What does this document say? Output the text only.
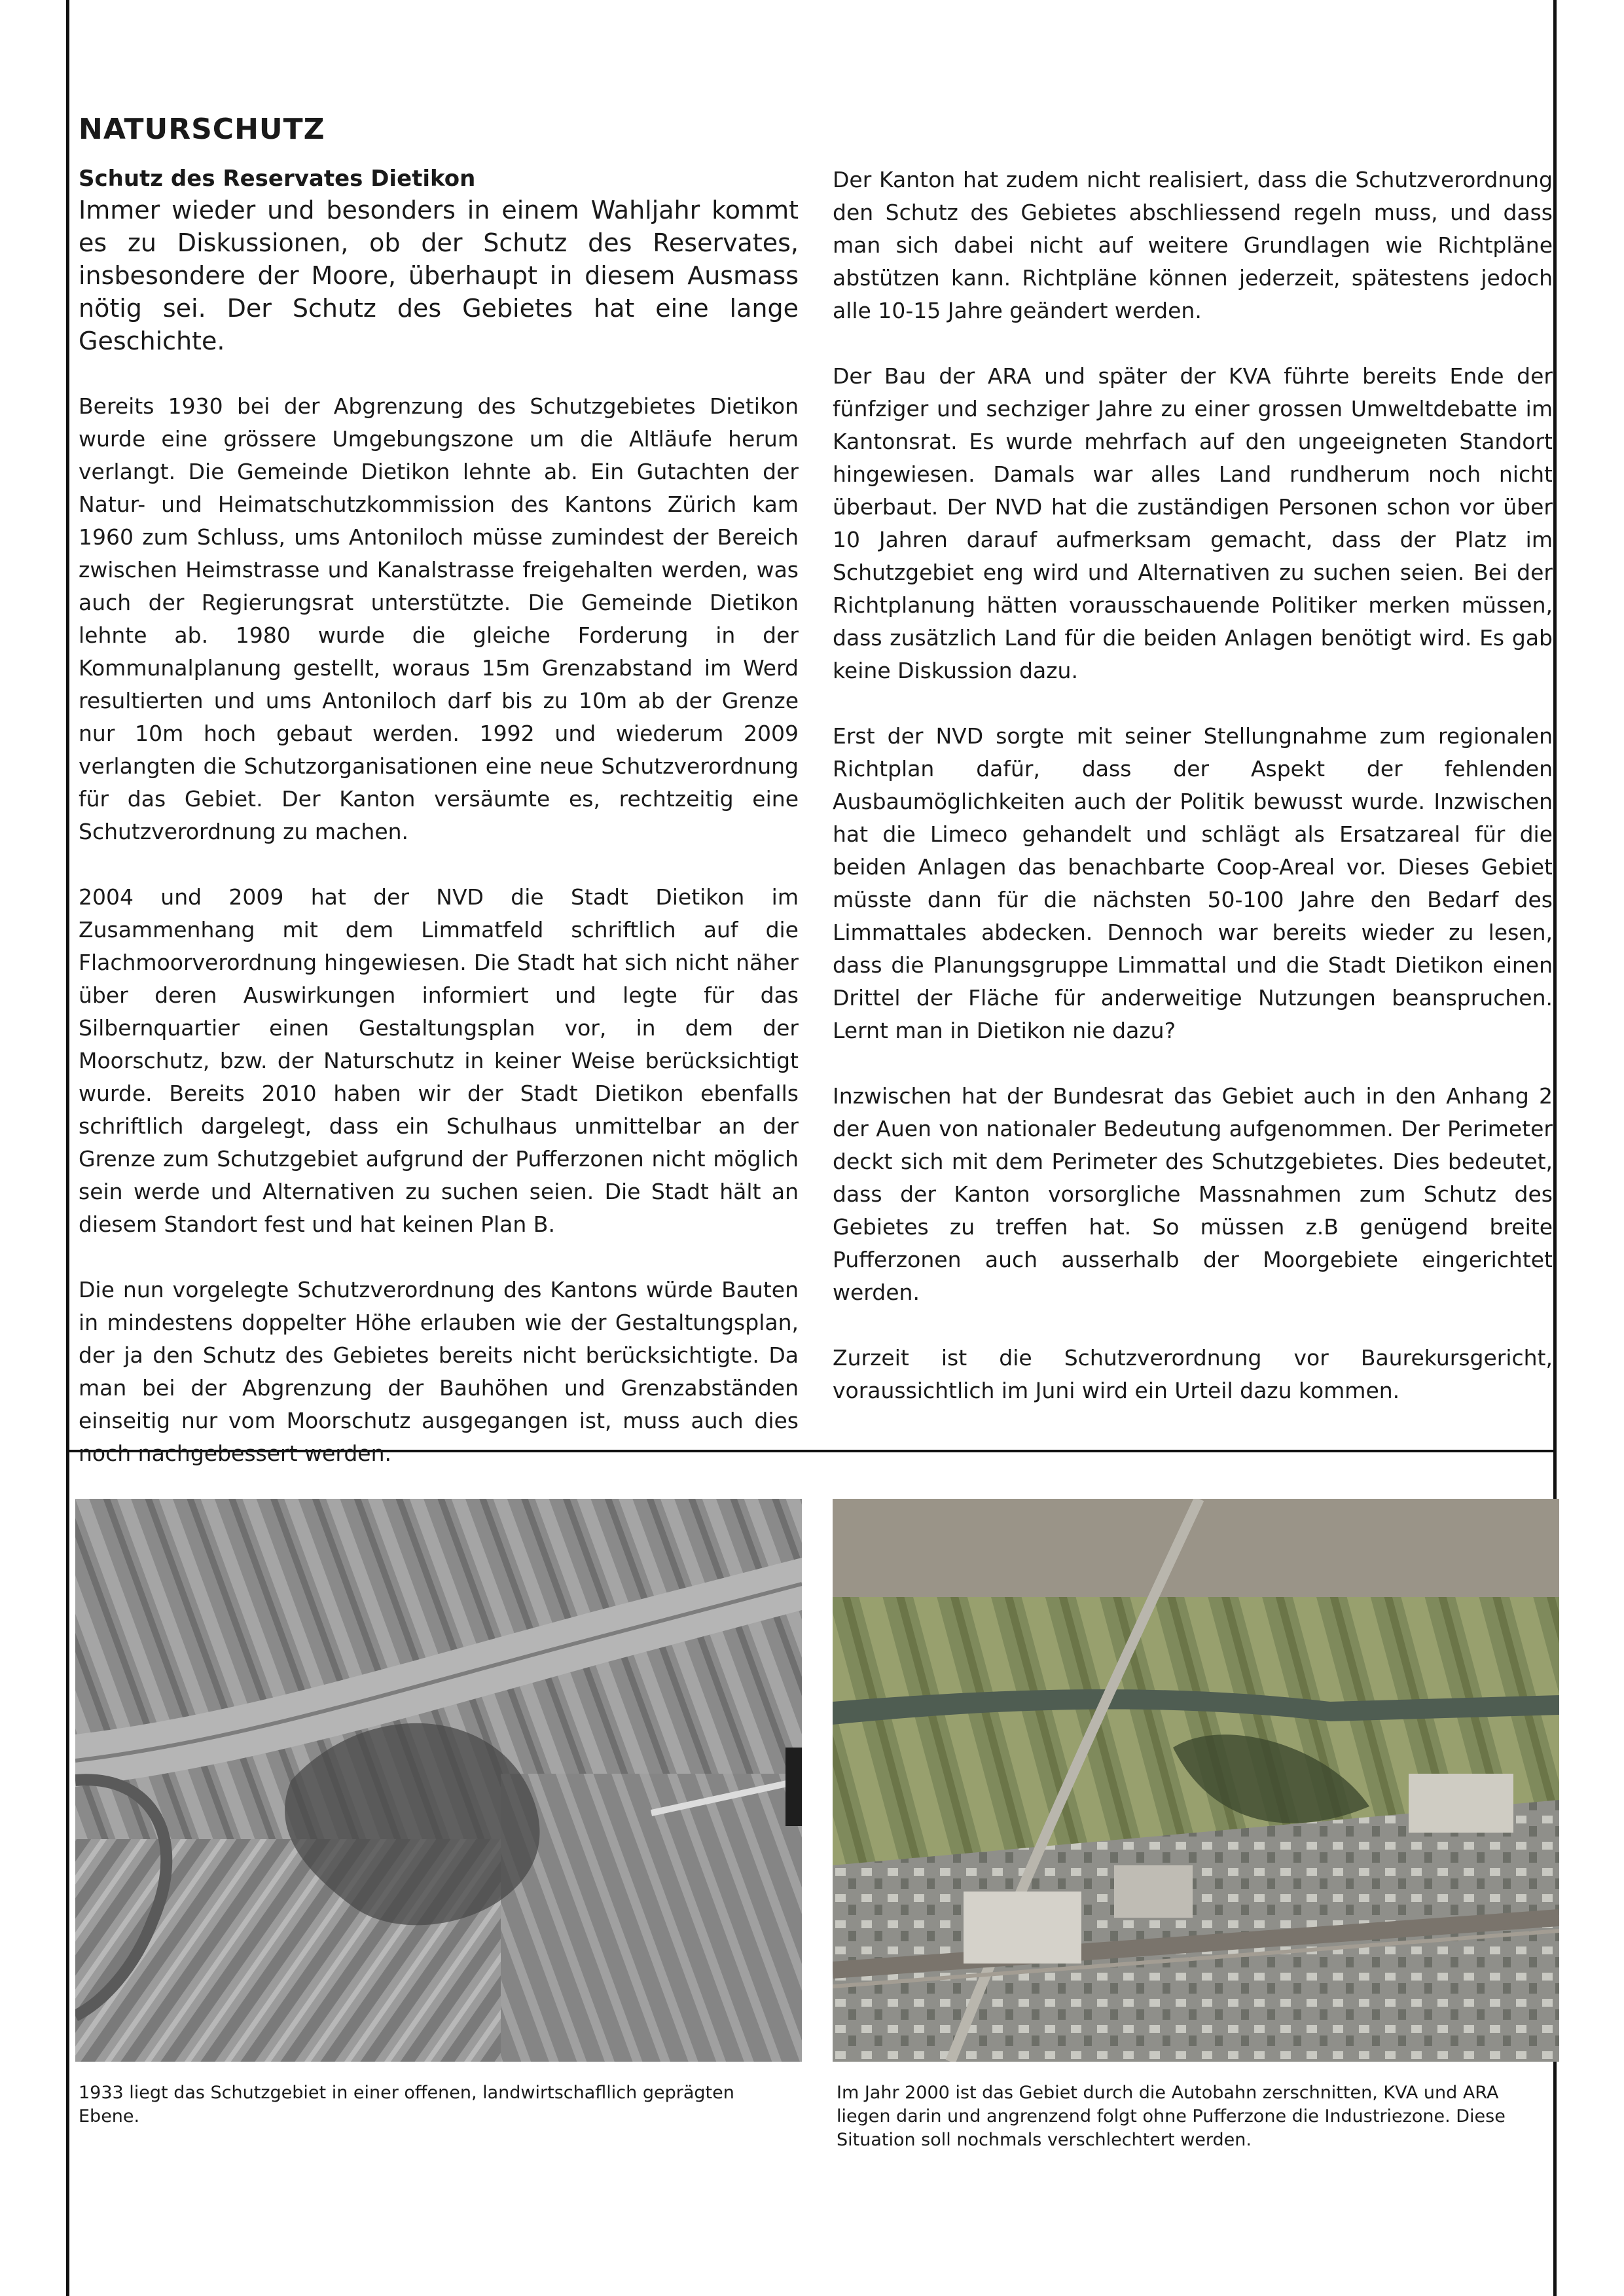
NATURSCHUTZ

Schutz des Reservates Dietikon

Immer wieder und besonders in einem Wahljahr kommt es zu Diskussionen, ob der Schutz des Reservates, insbesondere der Moore, überhaupt in diesem Ausmass nötig sei. Der Schutz des Gebietes hat eine lange Geschichte.

Bereits 1930 bei der Abgrenzung des Schutzgebietes Dietikon wurde eine grössere Umgebungszone um die Altläufe herum verlangt. Die Gemeinde Dietikon lehnte ab. Ein Gutachten der Natur- und Heimatschutzkommission des Kantons Zürich kam 1960 zum Schluss, ums Antoniloch müsse zumindest der Bereich zwischen Heimstrasse und Kanalstrasse freigehalten werden, was auch der Regierungsrat unterstützte. Die Gemeinde Dietikon lehnte ab. 1980 wurde die gleiche Forderung in der Kommunalplanung gestellt, woraus 15m Grenzabstand im Werd resultierten und ums Antoniloch darf bis zu 10m ab der Grenze nur 10m hoch gebaut werden. 1992 und wiederum 2009 verlangten die Schutzorganisationen eine neue Schutzverordnung für das Gebiet. Der Kanton versäumte es, rechtzeitig eine Schutzverordnung zu machen.

2004 und 2009 hat der NVD die Stadt Dietikon im Zusammenhang mit dem Limmatfeld schriftlich auf die Flachmoorverordnung hingewiesen. Die Stadt hat sich nicht näher über deren Auswirkungen informiert und legte für das Silbernquartier einen Gestaltungsplan vor, in dem der Moorschutz, bzw. der Naturschutz in keiner Weise berücksichtigt wurde. Bereits 2010 haben wir der Stadt Dietikon ebenfalls schriftlich dargelegt, dass ein Schulhaus unmittelbar an der Grenze zum Schutzgebiet aufgrund der Pufferzonen nicht möglich sein werde und Alternativen zu suchen seien. Die Stadt hält an diesem Standort fest und hat keinen Plan B.

Die nun vorgelegte Schutzverordnung des Kantons würde Bauten in mindestens doppelter Höhe erlauben wie der Gestaltungsplan, der ja den Schutz des Gebietes bereits nicht berücksichtigte. Da man bei der Abgrenzung der Bauhöhen und Grenzabständen einseitig nur vom Moorschutz ausgegangen ist, muss auch dies noch nachgebessert werden.

Der Kanton hat zudem nicht realisiert, dass die Schutzverordnung den Schutz des Gebietes abschliessend regeln muss, und dass man sich dabei nicht auf weitere Grundlagen wie Richtpläne abstützen kann. Richtpläne können jederzeit, spätestens jedoch alle 10-15 Jahre geändert werden.

Der Bau der ARA und später der KVA führte bereits Ende der fünfziger und sechziger Jahre zu einer grossen Umweltdebatte im Kantonsrat. Es wurde mehrfach auf den ungeeigneten Standort hingewiesen. Damals war alles Land rundherum noch nicht überbaut. Der NVD hat die zuständigen Personen schon vor über 10 Jahren darauf aufmerksam gemacht, dass der Platz im Schutzgebiet eng wird und Alternativen zu suchen seien. Bei der Richtplanung hätten vorausschauende Politiker merken müssen, dass zusätzlich Land für die beiden Anlagen benötigt wird. Es gab keine Diskussion dazu.

Erst der NVD sorgte mit seiner Stellungnahme zum regionalen Richtplan dafür, dass der Aspekt der fehlenden Ausbaumöglichkeiten auch der Politik bewusst wurde. Inzwischen hat die Limeco gehandelt und schlägt als Ersatzareal für die beiden Anlagen das benachbarte Coop-Areal vor. Dieses Gebiet müsste dann für die nächsten 50-100 Jahre den Bedarf des Limmattales abdecken. Dennoch war bereits wieder zu lesen, dass die Planungsgruppe Limmattal und die Stadt Dietikon einen Drittel der Fläche für anderweitige Nutzungen beanspruchen. Lernt man in Dietikon nie dazu?

Inzwischen hat der Bundesrat das Gebiet auch in den Anhang 2 der Auen von nationaler Bedeutung aufgenommen. Der Perimeter deckt sich mit dem Perimeter des Schutzgebietes. Dies bedeutet, dass der Kanton vorsorgliche Massnahmen zum Schutz des Gebietes zu treffen hat. So müssen z.B genügend breite Pufferzonen auch ausserhalb der Moorgebiete eingerichtet werden.

Zurzeit ist die Schutzverordnung vor Baurekursgericht, voraussichtlich im Juni wird ein Urteil dazu kommen.

1933 liegt das Schutzgebiet in einer offenen, landwirtschafllich geprägten Ebene.

Im Jahr 2000 ist das Gebiet durch die Autobahn zerschnitten, KVA und ARA liegen darin und angrenzend folgt ohne Pufferzone die Industriezone. Diese Situation soll nochmals verschlechtert werden.
